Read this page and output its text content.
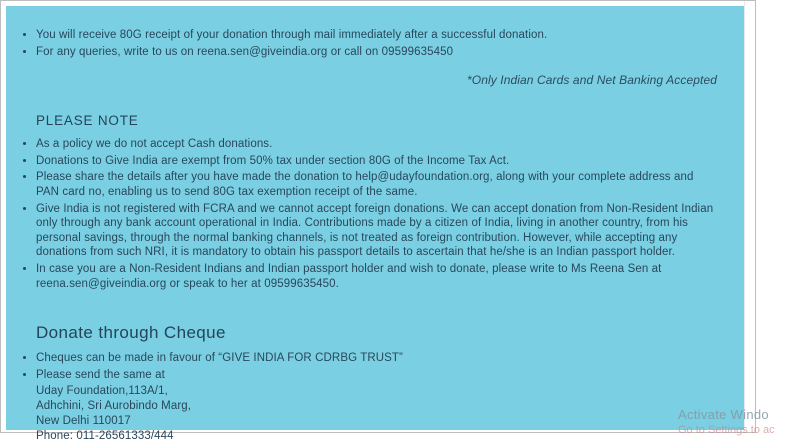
• You will receive 80G receipt of your donation through mail immediately after a successful donation.
• For any queries, write to us on reena.sen@giveindia.org or call on 09599635450
*Only Indian Cards and Net Banking Accepted
PLEASE NOTE
• As a policy we do not accept Cash donations.
• Donations to Give India are exempt from 50% tax under section 80G of the Income Tax Act.
• Please share the details after you have made the donation to help@udayfoundation.org, along with your complete address and PAN card no, enabling us to send 80G tax exemption receipt of the same.
• Give India is not registered with FCRA and we cannot accept foreign donations. We can accept donation from Non-Resident Indian only through any bank account operational in India. Contributions made by a citizen of India, living in another country, from his personal savings, through the normal banking channels, is not treated as foreign contribution. However, while accepting any donations from such NRI, it is mandatory to obtain his passport details to ascertain that he/she is an Indian passport holder.
• In case you are a Non-Resident Indians and Indian passport holder and wish to donate, please write to Ms Reena Sen at reena.sen@giveindia.org or speak to her at 09599635450.
Donate through Cheque
• Cheques can be made in favour of “GIVE INDIA FOR CDRBG TRUST”
• Please send the same at
Uday Foundation,113A/1,
Adhchini, Sri Aurobindo Marg,
New Delhi 110017
Phone: 011-26561333/444
Activate Windo
Go to Settings to ac
